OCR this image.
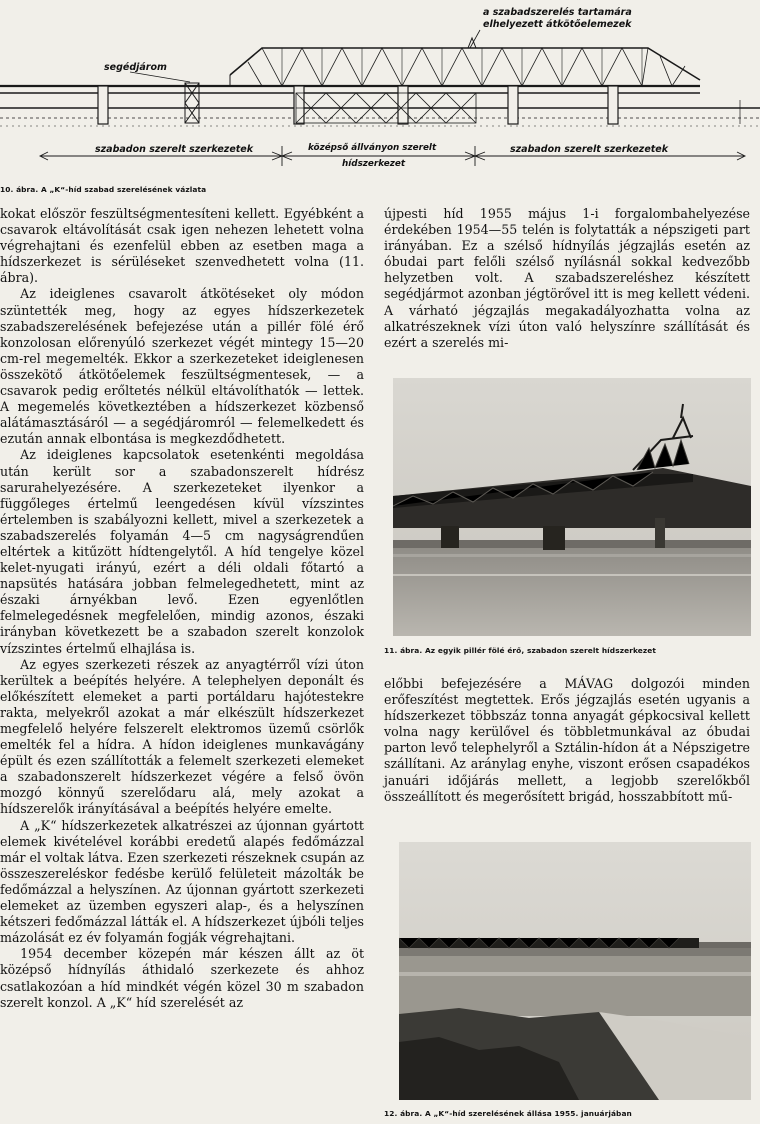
a szabadszerelés tartamára
elhelyezett átkötőelemezek
segédjárom
szabadon szerelt szerkezetek	középső állványon szerelt
hídszerkezet
szabadon szerelt szerkezetek
10. ábra. A „K“-híd szabad szerelésének vázlata

kokat először feszültségmentesíteni kellett. Egyébként a csavarok eltávolítását csak igen nehezen lehetett volna végrehajtani és ezenfelül ebben az esetben maga a hídszerkezet is sérüléseket szenvedhetett volna (11. ábra).

Az ideiglenes csavarolt átkötéseket oly módon szüntették meg, hogy az egyes hídszerkezetek szabadszerelésének befejezése után a pillér fölé érő konzolosan előrenyúló szerkezet végét mintegy 15—20 cm-rel megemelték. Ekkor a szerkezeteket ideiglenesen összekötő átkötőelemek feszültségmentesek, — a csavarok pedig erőltetés nélkül eltávolíthatók — lettek. A megemelés következtében a hídszerkezet közbenső alátámasztásáról — a segédjáromról — felemelkedett és ezután annak elbontása is megkezdődhetett.

Az ideiglenes kapcsolatok esetenkénti megoldása után került sor a szabadonszerelt hídrész sarurahelyezésére. A szerkezeteket ilyenkor a függőleges értelmű leengedésen kívül vízszintes értelemben is szabályozni kellett, mivel a szerkezetek a szabadszerelés folyamán 4—5 cm nagyságrendűen eltértek a kitűzött hídtengelytől. A híd tengelye közel kelet-nyugati irányú, ezért a déli oldali főtartó a napsütés hatására jobban felmelegedhetett, mint az északi árnyékban levő. Ezen egyenlőtlen felmelegedésnek megfelelően, mindig azonos, északi irányban következett be a szabadon szerelt konzolok vízszintes értelmű elhajlása is.

Az egyes szerkezeti részek az anyagtérről vízi úton kerültek a beépítés helyére. A telephelyen deponált és előkészített elemeket a parti portáldaru hajótestekre rakta, melyekről azokat a már elkészült hídszerkezet megfelelő helyére felszerelt elektromos üzemű csörlők emelték fel a hídra. A hídon ideiglenes munkavágány épült és ezen szállították a felemelt szerkezeti elemeket a szabadonszerelt hídszerkezet végére a felső övön mozgó könnyű szerelődaru alá, mely azokat a hídszerelők irányításával a beépítés helyére emelte.

A „K“ hídszerkezetek alkatrészei az újonnan gyártott elemek kivételével korábbi eredetű alapés fedőmázzal már el voltak látva. Ezen szerkezeti részeknek csupán az összeszereléskor fedésbe kerülő felületeit mázolták be fedőmázzal a helyszínen. Az újonnan gyártott szerkezeti elemeket az üzemben egyszeri alap-, és a helyszínen kétszeri fedőmázzal látták el. A hídszerkezet újbóli teljes mázolását ez év folyamán fogják végrehajtani.

1954 december közepén már készen állt az öt középső hídnyílás áthidaló szerkezete és ahhoz csatlakozóan a híd mindkét végén közel 30 m szabadon szerelt konzol. A „K“ híd szerelését az

újpesti híd 1955 május 1-i forgalombahelyezése érdekében 1954—55 telén is folytatták a népszigeti part irányában. Ez a szélső hídnyílás jégzajlás esetén az óbudai part felőli szélső nyílásnál sokkal kedvezőbb helyzetben volt. A szabadszereléshez készített segédjármot azonban jégtörővel itt is meg kellett védeni. A várható jégzajlás megakadályozhatta volna az alkatrészeknek vízi úton való helyszínre szállítását és ezért a szerelés mi-

11. ábra. Az egyik pillér fölé érő, szabadon szerelt hídszerkezet

előbbi befejezésére a MÁVAG dolgozói minden erőfeszítést megtettek. Erős jégzajlás esetén ugyanis a hídszerkezet többszáz tonna anyagát gépkocsival kellett volna nagy kerülővel és többletmunkával az óbudai parton levő telephelyről a Sztálin-hídon át a Népszigetre szállítani. Az aránylag enyhe, viszont erősen csapadékos januári időjárás mellett, a legjobb szerelőkből összeállított és megerősített brigád, hosszabbított mű-

12. ábra. A „K“-híd szerelésének állása 1955. januárjában
